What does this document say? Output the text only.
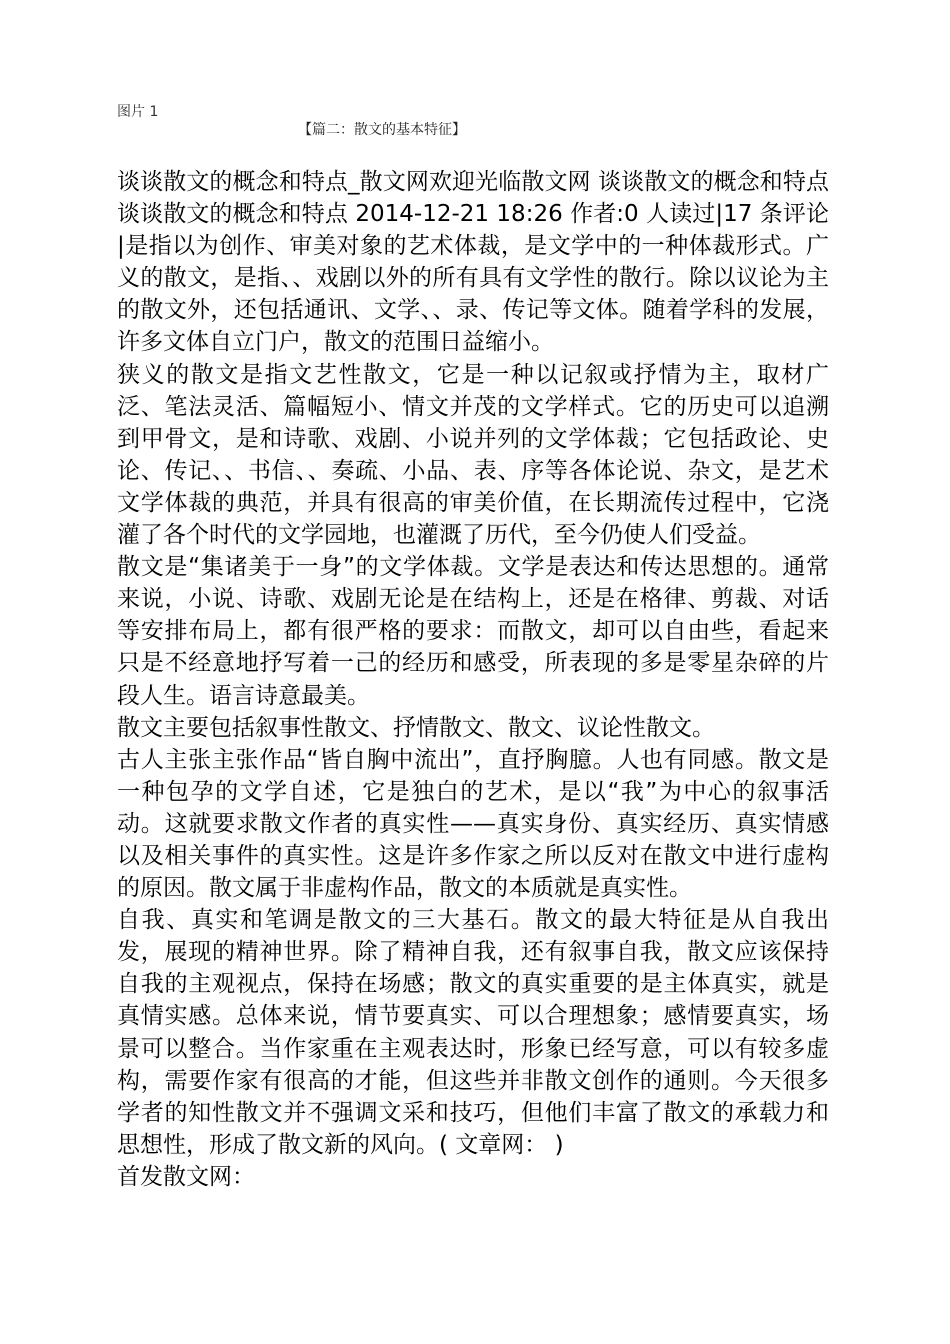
图片 1
【篇二：散文的基本特征】

谈谈散文的概念和特点_散文网欢迎光临散文网 谈谈散文的概念和特点谈谈散文的概念和特点 2014-12-21 18:26 作者:0 人读过|17 条评论 |是指以为创作、审美对象的艺术体裁，是文学中的一种体裁形式。广义的散文，是指、、戏剧以外的所有具有文学性的散行。除以议论为主的散文外，还包括通讯、文学、、录、传记等文体。随着学科的发展，许多文体自立门户，散文的范围日益缩小。

狭义的散文是指文艺性散文，它是一种以记叙或抒情为主，取材广泛、笔法灵活、篇幅短小、情文并茂的文学样式。它的历史可以追溯到甲骨文，是和诗歌、戏剧、小说并列的文学体裁；它包括政论、史论、传记、、书信、、奏疏、小品、表、序等各体论说、杂文，是艺术文学体裁的典范，并具有很高的审美价值，在长期流传过程中，它浇灌了各个时代的文学园地，也灌溉了历代，至今仍使人们受益。

散文是“集诸美于一身”的文学体裁。文学是表达和传达思想的。通常来说，小说、诗歌、戏剧无论是在结构上，还是在格律、剪裁、对话等安排布局上，都有很严格的要求：而散文，却可以自由些，看起来只是不经意地抒写着一己的经历和感受，所表现的多是零星杂碎的片段人生。语言诗意最美。

散文主要包括叙事性散文、抒情散文、散文、议论性散文。

古人主张主张作品“皆自胸中流出”，直抒胸臆。人也有同感。散文是一种包孕的文学自述，它是独白的艺术，是以“我”为中心的叙事活动。这就要求散文作者的真实性——真实身份、真实经历、真实情感以及相关事件的真实性。这是许多作家之所以反对在散文中进行虚构的原因。散文属于非虚构作品，散文的本质就是真实性。

自我、真实和笔调是散文的三大基石。散文的最大特征是从自我出发，展现的精神世界。除了精神自我，还有叙事自我，散文应该保持自我的主观视点，保持在场感；散文的真实重要的是主体真实，就是真情实感。总体来说，情节要真实、可以合理想象；感情要真实，场景可以整合。当作家重在主观表达时，形象已经写意，可以有较多虚构，需要作家有很高的才能，但这些并非散文创作的通则。今天很多学者的知性散文并不强调文采和技巧，但他们丰富了散文的承载力和思想性，形成了散文新的风向。( 文章网： )

首发散文网：
